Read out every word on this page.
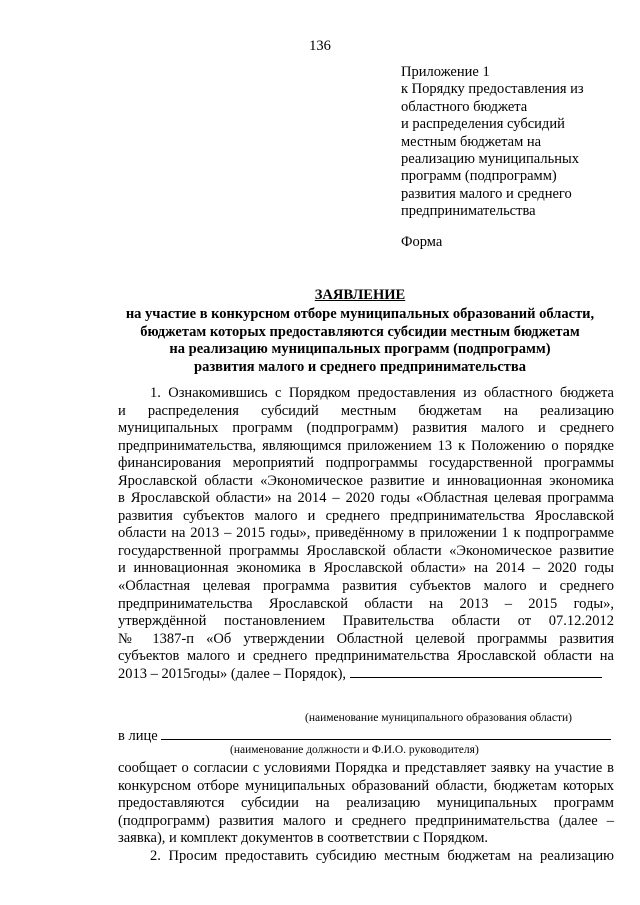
136
Приложение 1
к Порядку предоставления из
областного бюджета
и распределения субсидий
местным бюджетам на
реализацию муниципальных
программ (подпрограмм)
развития малого и среднего
предпринимательства
Форма
ЗАЯВЛЕНИЕ
на участие в конкурсном отборе муниципальных образований области,
бюджетам которых предоставляются субсидии местным бюджетам
на реализацию муниципальных программ (подпрограмм)
развития малого и среднего предпринимательства
1. Ознакомившись с Порядком предоставления из областного бюджета
и распределения субсидий местным бюджетам на реализацию
муниципальных программ (подпрограмм) развития малого и среднего
предпринимательства, являющимся приложением 13 к Положению о порядке
финансирования мероприятий подпрограммы государственной программы
Ярославской области «Экономическое развитие и инновационная экономика
в Ярославской области» на 2014 – 2020 годы «Областная целевая программа
развития субъектов малого и среднего предпринимательства Ярославской
области на 2013 – 2015 годы», приведённому в приложении 1 к подпрограмме
государственной программы Ярославской области «Экономическое развитие
и инновационная экономика в Ярославской области» на 2014 – 2020 годы
«Областная целевая программа развития субъектов малого и среднего
предпринимательства Ярославской области на 2013 – 2015 годы»,
утверждённой постановлением Правительства области от 07.12.2012
№ 1387-п «Об утверждении Областной целевой программы развития
субъектов малого и среднего предпринимательства Ярославской области на
2013 – 2015годы» (далее – Порядок),
(наименование муниципального образования области)
в лице
(наименование должности и Ф.И.О. руководителя)
сообщает о согласии с условиями Порядка и представляет заявку на участие в
конкурсном отборе муниципальных образований области, бюджетам которых
предоставляются субсидии на реализацию муниципальных программ
(подпрограмм) развития малого и среднего предпринимательства (далее –
заявка), и комплект документов в соответствии с Порядком.
2. Просим предоставить субсидию местным бюджетам на реализацию
